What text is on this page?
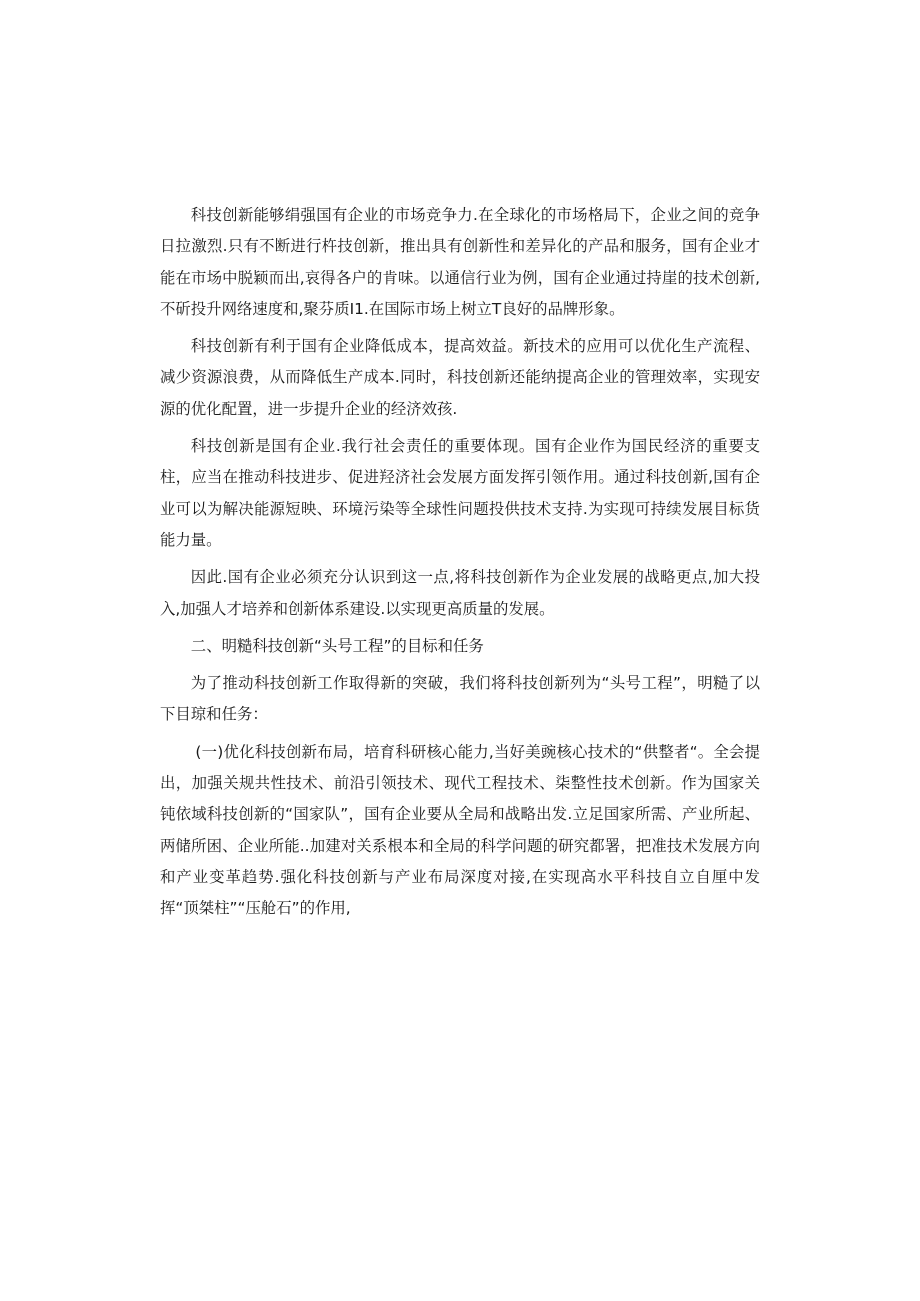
科技创新能够绢强国有企业的市场竞争力.在全球化的市场格局下，企业之间的竞争日拉激烈.只有不断进行杵技创新，推出具有创新性和差异化的产品和服务，国有企业才能在市场中脱颖而出,哀得各户的肯味。以通信行业为例，国有企业通过持崖的技术创新,不斫投升网络速度和,聚芬质I1.在国际市场上树立T良好的品牌形象。

科技创新有利于国有企业降低成本，提高效益。新技术的应用可以优化生产流程、减少资源浪费，从而降低生产成本.同时，科技创新还能纳提高企业的管理效率，实现安源的优化配置，进一步提升企业的经济效孩.

科技创新是国有企业.我行社会责任的重要体现。国有企业作为国民经济的重要支柱，应当在推动科技进步、促进羟济社会发展方面发挥引领作用。通过科技创新,国有企业可以为解决能源短映、环境污染等全球性问题投供技术支持.为实现可持续发展目标货能力量。

因此.国有企业必须充分认识到这一点,将科技创新作为企业发展的战略更点,加大投入,加强人才培养和创新体系建设.以实现更高质量的发展。

二、明糙科技创新“头号工程”的目标和任务

为了推动科技创新工作取得新的突破，我们将科技创新列为“头号工程”，明糙了以下目琼和任务：

(一)优化科技创新布局，培育科研核心能力,当好美豌核心技术的“供整者“。全会提出，加强关规共性技术、前沿引领技术、现代工程技术、柒整性技术创新。作为国家关钝依域科技创新的“国家队”，国有企业要从全局和战略出发.立足国家所需、产业所起、两储所困、企业所能..加建对关系根本和全局的科学问题的研究都署，把准技术发展方向和产业变革趋势.强化科技创新与产业布局深度对接,在实现高水平科技自立自厘中发挥“顶桀柱”“压舱石”的作用,
